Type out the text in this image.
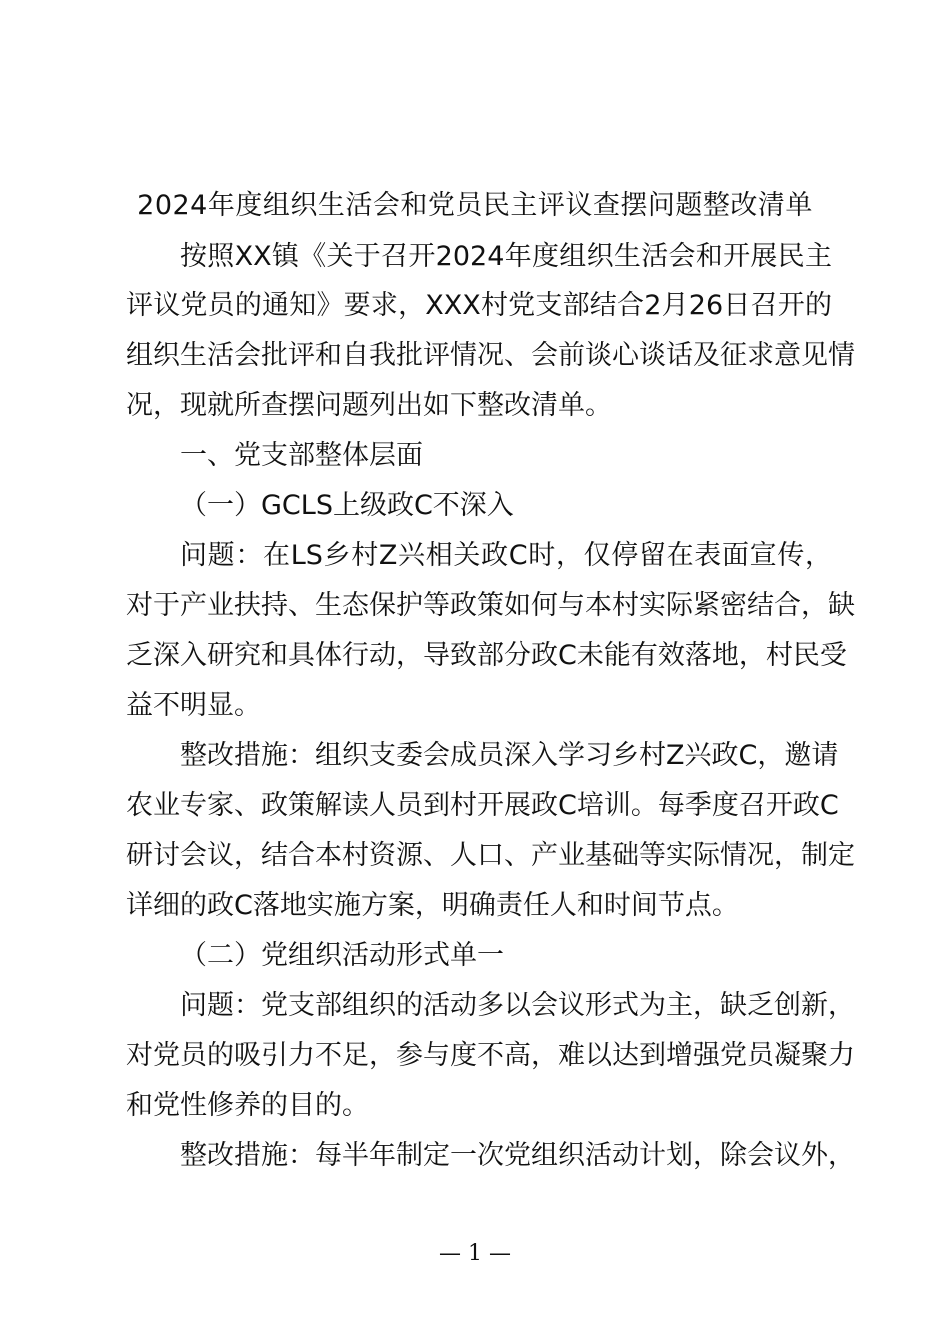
2024年度组织生活会和党员民主评议查摆问题整改清单

按照XX镇《关于召开2024年度组织生活会和开展民主

评议党员的通知》要求，XXX村党支部结合2月26日召开的

组织生活会批评和自我批评情况、会前谈心谈话及征求意见情

况，现就所查摆问题列出如下整改清单。

一、党支部整体层面

（一）GCLS上级政C不深入

问题：在LS乡村Z兴相关政C时，仅停留在表面宣传，

对于产业扶持、生态保护等政策如何与本村实际紧密结合，缺

乏深入研究和具体行动，导致部分政C未能有效落地，村民受

益不明显。

整改措施：组织支委会成员深入学习乡村Z兴政C，邀请

农业专家、政策解读人员到村开展政C培训。每季度召开政C

研讨会议，结合本村资源、人口、产业基础等实际情况，制定

详细的政C落地实施方案，明确责任人和时间节点。

（二）党组织活动形式单一

问题：党支部组织的活动多以会议形式为主，缺乏创新，

对党员的吸引力不足，参与度不高，难以达到增强党员凝聚力

和党性修养的目的。

整改措施：每半年制定一次党组织活动计划，除会议外，

— 1 —
